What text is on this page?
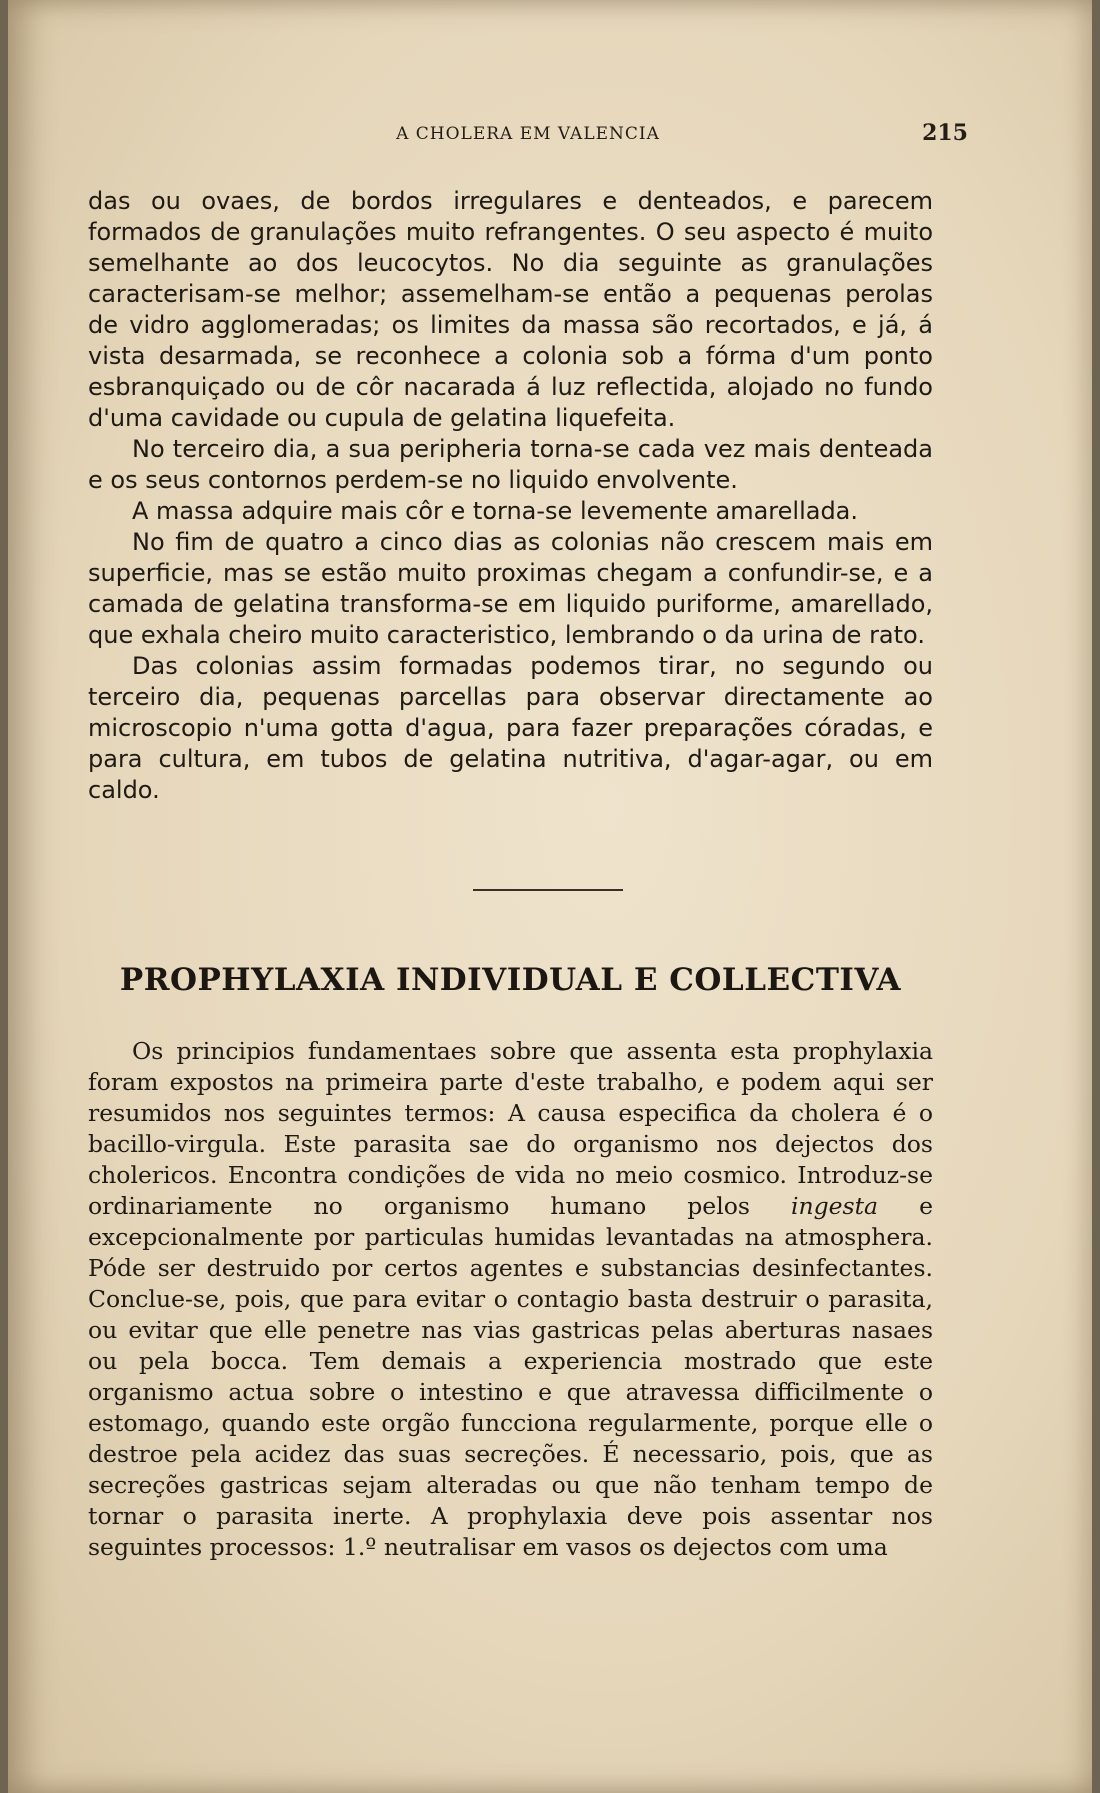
A CHOLERA EM VALENCIA	215

das ou ovaes, de bordos irregulares e denteados, e parecem formados de granulações muito refrangentes. O seu aspecto é muito semelhante ao dos leucocytos. No dia seguinte as granulações caracterisam-se melhor; assemelham-se então a pequenas perolas de vidro agglomeradas; os limites da massa são recortados, e já, á vista desarmada, se reconhece a colonia sob a fórma d'um ponto esbranquiçado ou de côr nacarada á luz reflectida, alojado no fundo d'uma cavidade ou cupula de gelatina liquefeita.

No terceiro dia, a sua peripheria torna-se cada vez mais denteada e os seus contornos perdem-se no liquido envolvente.

A massa adquire mais côr e torna-se levemente amarellada.

No fim de quatro a cinco dias as colonias não crescem mais em superficie, mas se estão muito proximas chegam a confundir-se, e a camada de gelatina transforma-se em liquido puriforme, amarellado, que exhala cheiro muito caracteristico, lembrando o da urina de rato.

Das colonias assim formadas podemos tirar, no segundo ou terceiro dia, pequenas parcellas para observar directamente ao microscopio n'uma gotta d'agua, para fazer preparações córadas, e para cultura, em tubos de gelatina nutritiva, d'agar-agar, ou em caldo.

PROPHYLAXIA INDIVIDUAL E COLLECTIVA

Os principios fundamentaes sobre que assenta esta prophylaxia foram expostos na primeira parte d'este trabalho, e podem aqui ser resumidos nos seguintes termos: A causa especifica da cholera é o bacillo-virgula. Este parasita sae do organismo nos dejectos dos cholericos. Encontra condições de vida no meio cosmico. Introduz-se ordinariamente no organismo humano pelos ingesta e excepcionalmente por particulas humidas levantadas na atmosphera. Póde ser destruido por certos agentes e substancias desinfectantes. Conclue-se, pois, que para evitar o contagio basta destruir o parasita, ou evitar que elle penetre nas vias gastricas pelas aberturas nasaes ou pela bocca. Tem demais a experiencia mostrado que este organismo actua sobre o intestino e que atravessa difficilmente o estomago, quando este orgão funcciona regularmente, porque elle o destroe pela acidez das suas secreções. É necessario, pois, que as secreções gastricas sejam alteradas ou que não tenham tempo de tornar o parasita inerte. A prophylaxia deve pois assentar nos seguintes processos: 1.º neutralisar em vasos os dejectos com uma
